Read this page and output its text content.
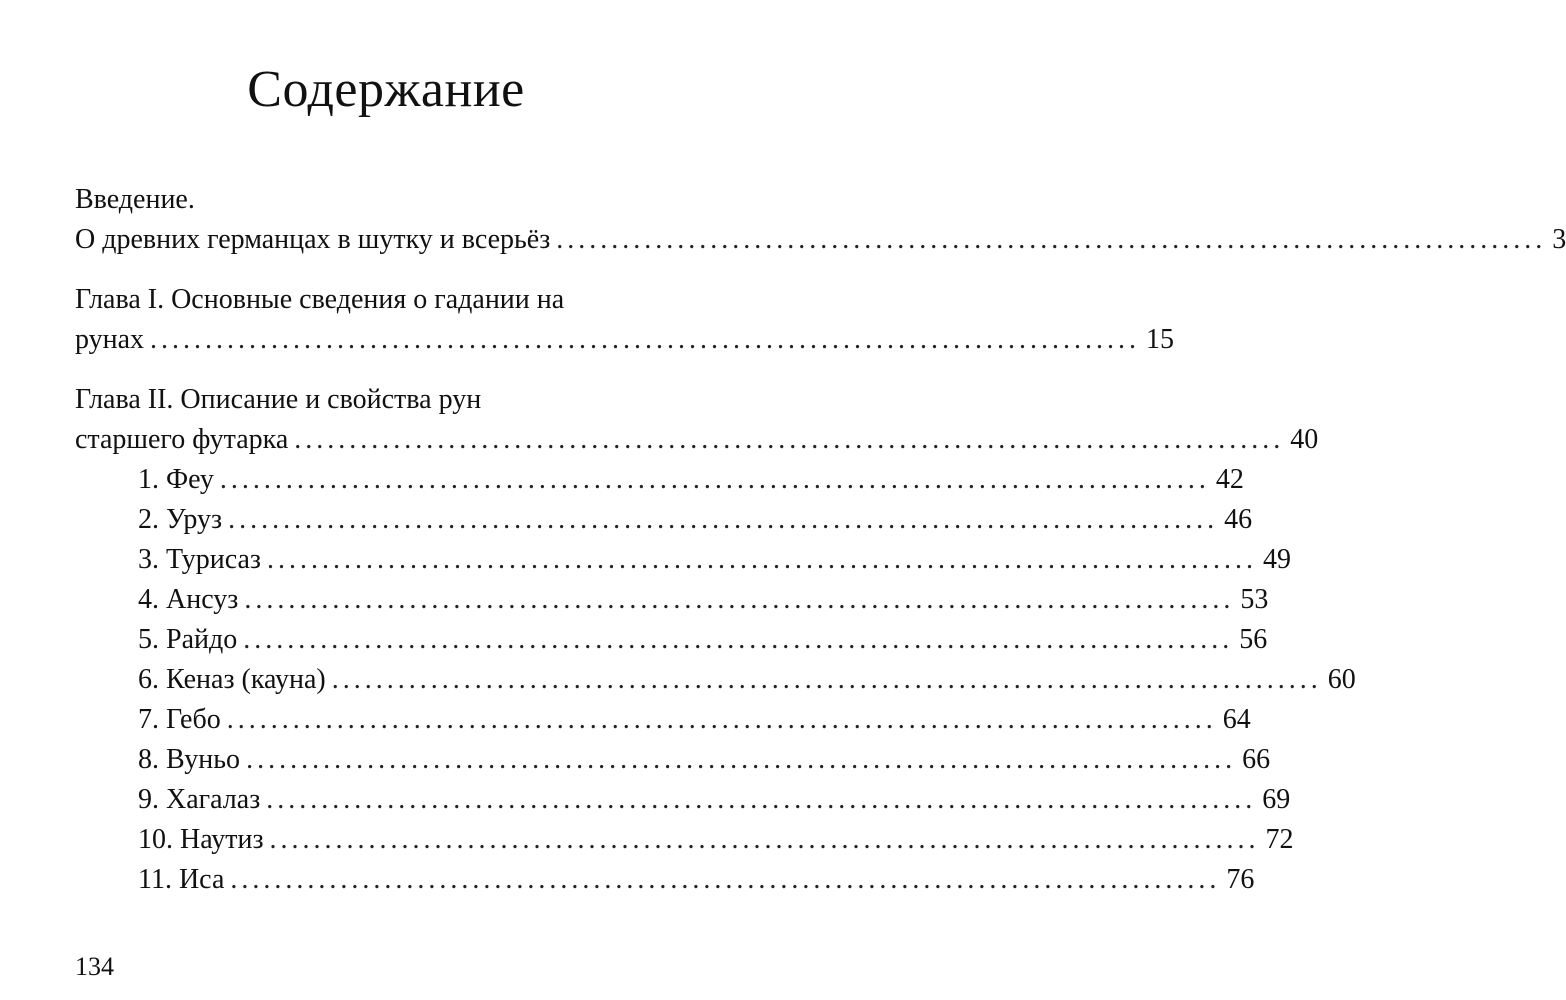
Содержание
Введение.
О древних германцах в шутку и всерьёз .......................................................................................... 3
Глава I. Основные сведения о гадании на
рунах .......................................................................................... 15
Глава II. Описание и свойства рун
старшего футарка .......................................................................................... 40
1. Феу .......................................................................................... 42
2. Уруз .......................................................................................... 46
3. Турисаз .......................................................................................... 49
4. Ансуз .......................................................................................... 53
5. Райдо .......................................................................................... 56
6. Кеназ (кауна) .......................................................................................... 60
7. Гебо .......................................................................................... 64
8. Вуньо .......................................................................................... 66
9. Хагалаз .......................................................................................... 69
10. Наутиз .......................................................................................... 72
11. Иса .......................................................................................... 76
134
